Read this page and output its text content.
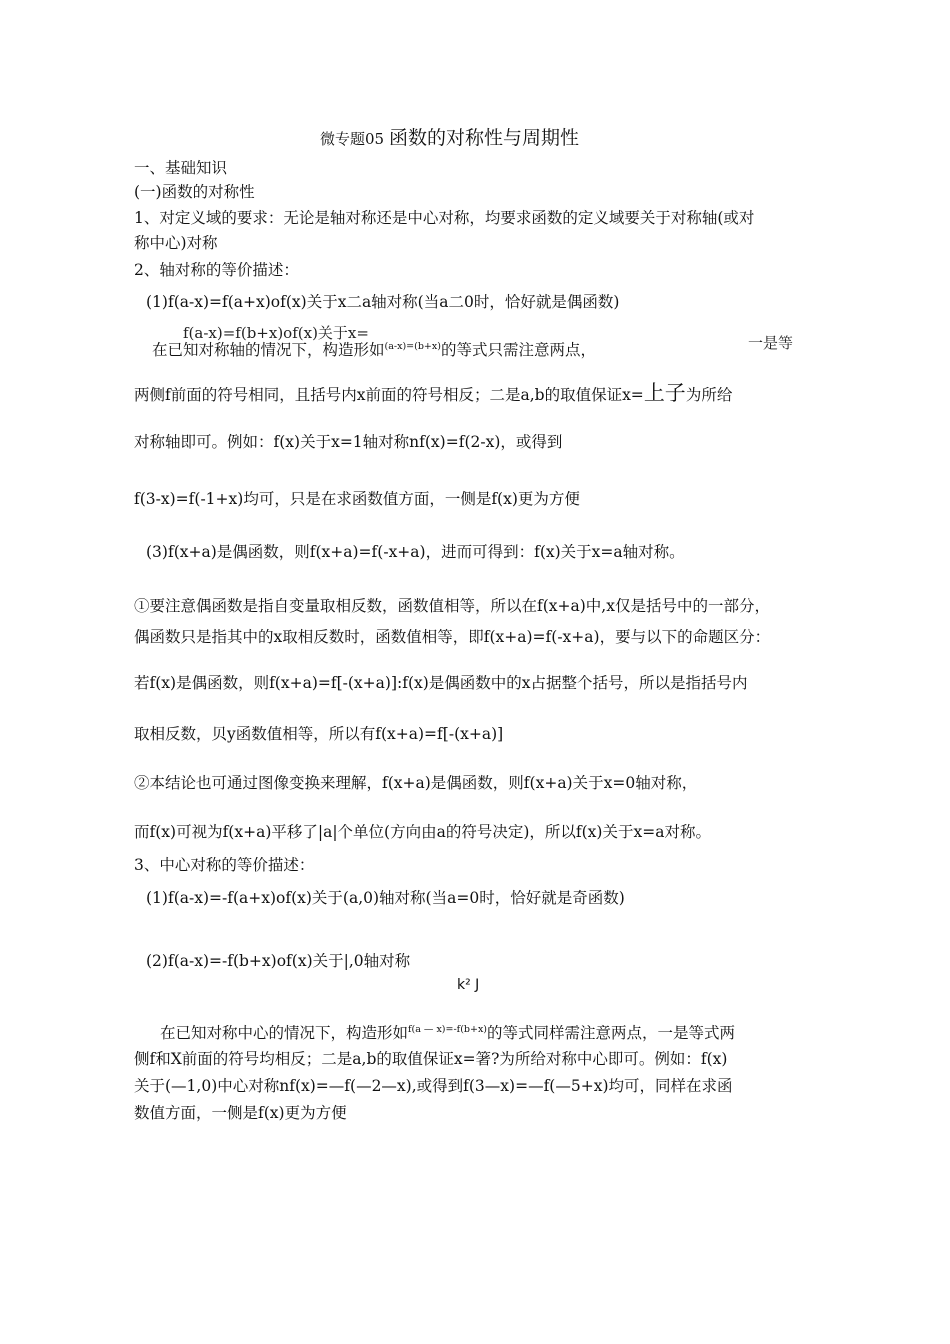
微专题05 函数的对称性与周期性
一、基础知识
(一)函数的对称性
1、对定义域的要求：无论是轴对称还是中心对称，均要求函数的定义域要关于对称轴(或对
称中心)对称
2、轴对称的等价描述：
(1)f(a-x)=f(a+x)of(x)关于x二a轴对称(当a二0时，恰好就是偶函数)
f(a-x)=f(b+x)of(x)关于x=
一是等
在已知对称轴的情况下，构造形如$^{(a-x)=(b+x)}$的等式只需注意两点，
两侧f前面的符号相同，且括号内x前面的符号相反；二是a,b的取值保证x=上子为所给
对称轴即可。例如：f(x)关于x=1轴对称nf(x)=f(2-x)，或得到
f(3-x)=f(-1+x)均可，只是在求函数值方面，一侧是f(x)更为方便
(3)f(x+a)是偶函数，则f(x+a)=f(-x+a)，进而可得到：f(x)关于x=a轴对称。
①要注意偶函数是指自变量取相反数，函数值相等，所以在f(x+a)中,x仅是括号中的一部分，
偶函数只是指其中的x取相反数时，函数值相等，即f(x+a)=f(-x+a)，要与以下的命题区分：
若f(x)是偶函数，则f(x+a)=f[-(x+a)]:f(x)是偶函数中的x占据整个括号，所以是指括号内
取相反数，贝y函数值相等，所以有f(x+a)=f[-(x+a)]
②本结论也可通过图像变换来理解，f(x+a)是偶函数，则f(x+a)关于x=0轴对称，
而f(x)可视为f(x+a)平移了|a|个单位(方向由a的符号决定)，所以f(x)关于x=a对称。
3、中心对称的等价描述：
(1)f(a-x)=-f(a+x)of(x)关于(a,0)轴对称(当a=0时，恰好就是奇函数)
(2)f(a-x)=-f(b+x)of(x)关于|,0轴对称
k² J
在已知对称中心的情况下，构造形如$^{f(a — x)=-f(b+x)}$的等式同样需注意两点，一是等式两
侧f和X前面的符号均相反；二是a,b的取值保证x=箸?为所给对称中心即可。例如：f(x)
关于(—1,0)中心对称nf(x)=—f(—2—x),或得到f(3—x)=—f(—5+x)均可，同样在求函
数值方面，一侧是f(x)更为方便
